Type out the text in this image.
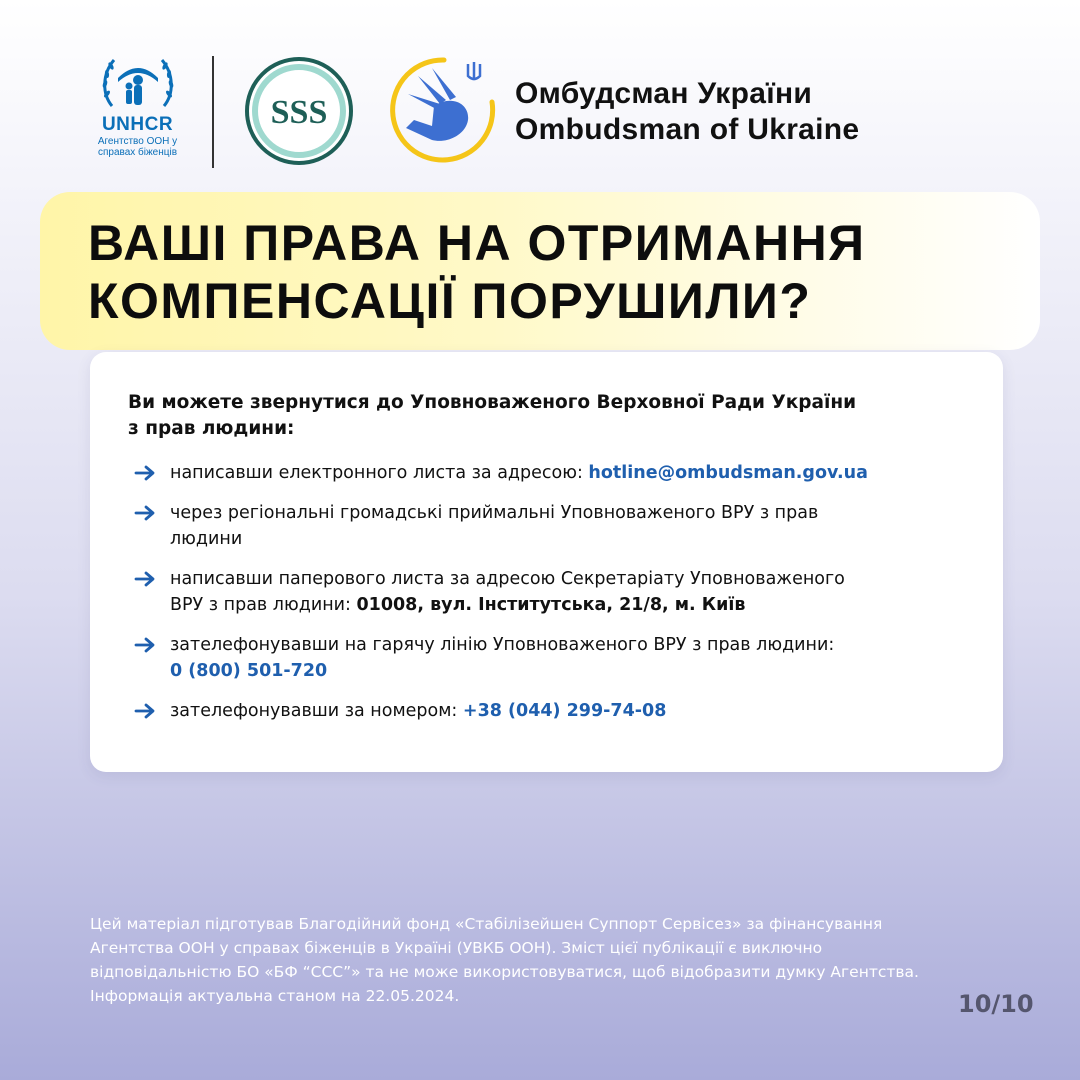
UNHCR
Агентство ООН у
справах біженців
SSS
Омбудсман України
Ombudsman of Ukraine
ВАШІ ПРАВА НА ОТРИМАННЯ
КОМПЕНСАЦІЇ ПОРУШИЛИ?
Ви можете звернутися до Уповноваженого Верховної Ради України
з прав людини:
написавши електронного листа за адресою: hotline@ombudsman.gov.ua
через регіональні громадські приймальні Уповноваженого ВРУ з прав
людини
написавши паперового листа за адресою Секретаріату Уповноваженого
ВРУ з прав людини: 01008, вул. Інститутська, 21/8, м. Київ
зателефонувавши на гарячу лінію Уповноваженого ВРУ з прав людини:
0 (800) 501-720
зателефонувавши за номером: +38 (044) 299-74-08
Цей матеріал підготував Благодійний фонд «Стабілізейшен Суппорт Сервісез» за фінансування
Агентства ООН у справах біженців в Україні (УВКБ ООН). Зміст цієї публікації є виключно
відповідальністю БО «БФ “ССС”» та не може використовуватися, щоб відобразити думку Агентства.
Інформація актуальна станом на 22.05.2024.	10/10
